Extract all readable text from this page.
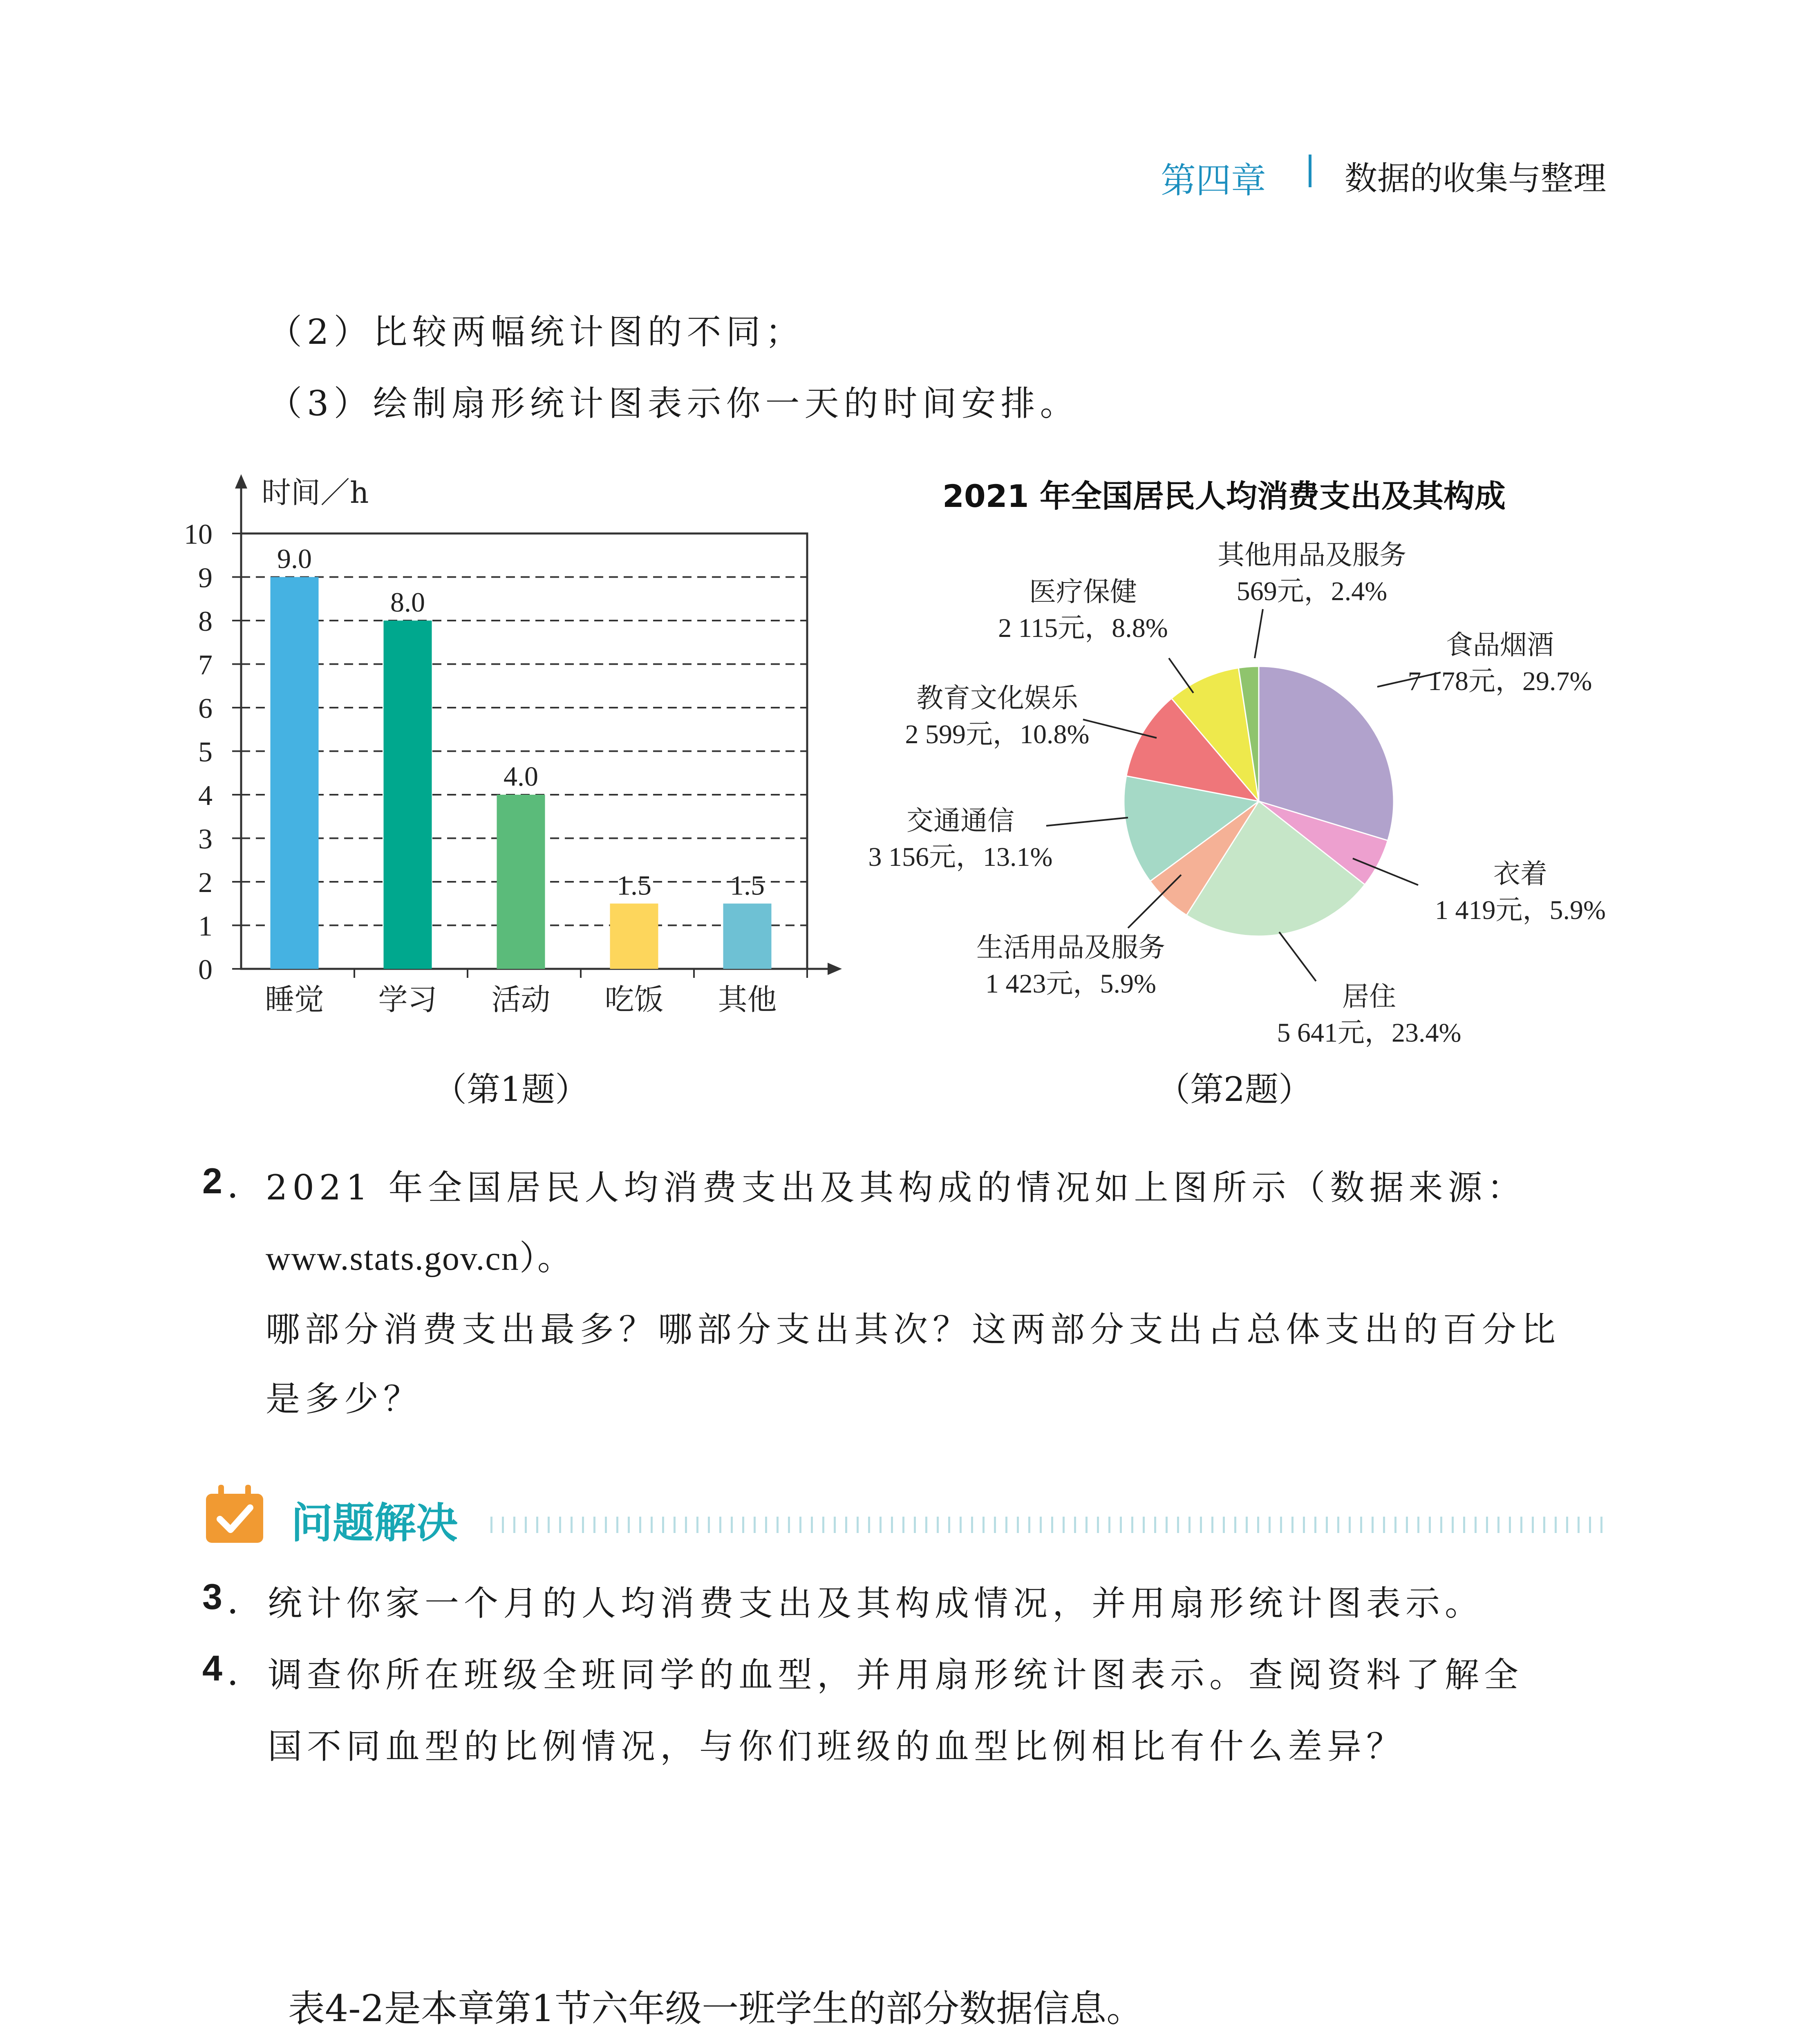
第四章 数据的收集与整理
（2）比较两幅统计图的不同；
（3）绘制扇形统计图表示你一天的时间安排。
时间／h
0
1
2
3
4
5
6
7
8
9
10
9.0
8.0
4.0
1.5	1.5
睡觉 学习 活动 吃饭 其他
（第1题）
2021 年全国居民人均消费支出及其构成
食品烟酒
7 178元，29.7%
衣着
1 419元，5.9%
居住
5 641元，23.4%
生活用品及服务
1 423元，5.9%
交通通信
3 156元，13.1%
教育文化娱乐
2 599元，10.8%
医疗保健
2 115元，8.8%
其他用品及服务
569元，2.4%
（第2题）
2 . 2021 年全国居民人均消费支出及其构成的情况如上图所示（数据来源：
www.stats.gov.cn）。
哪部分消费支出最多？哪部分支出其次？这两部分支出占总体支出的百分比
是多少？
问题解决
3 . 统计你家一个月的人均消费支出及其构成情况，并用扇形统计图表示。
4 . 调查你所在班级全班同学的血型，并用扇形统计图表示。查阅资料了解全
国不同血型的比例情况，与你们班级的血型比例相比有什么差异？
表4-2是本章第1节六年级一班学生的部分数据信息。
